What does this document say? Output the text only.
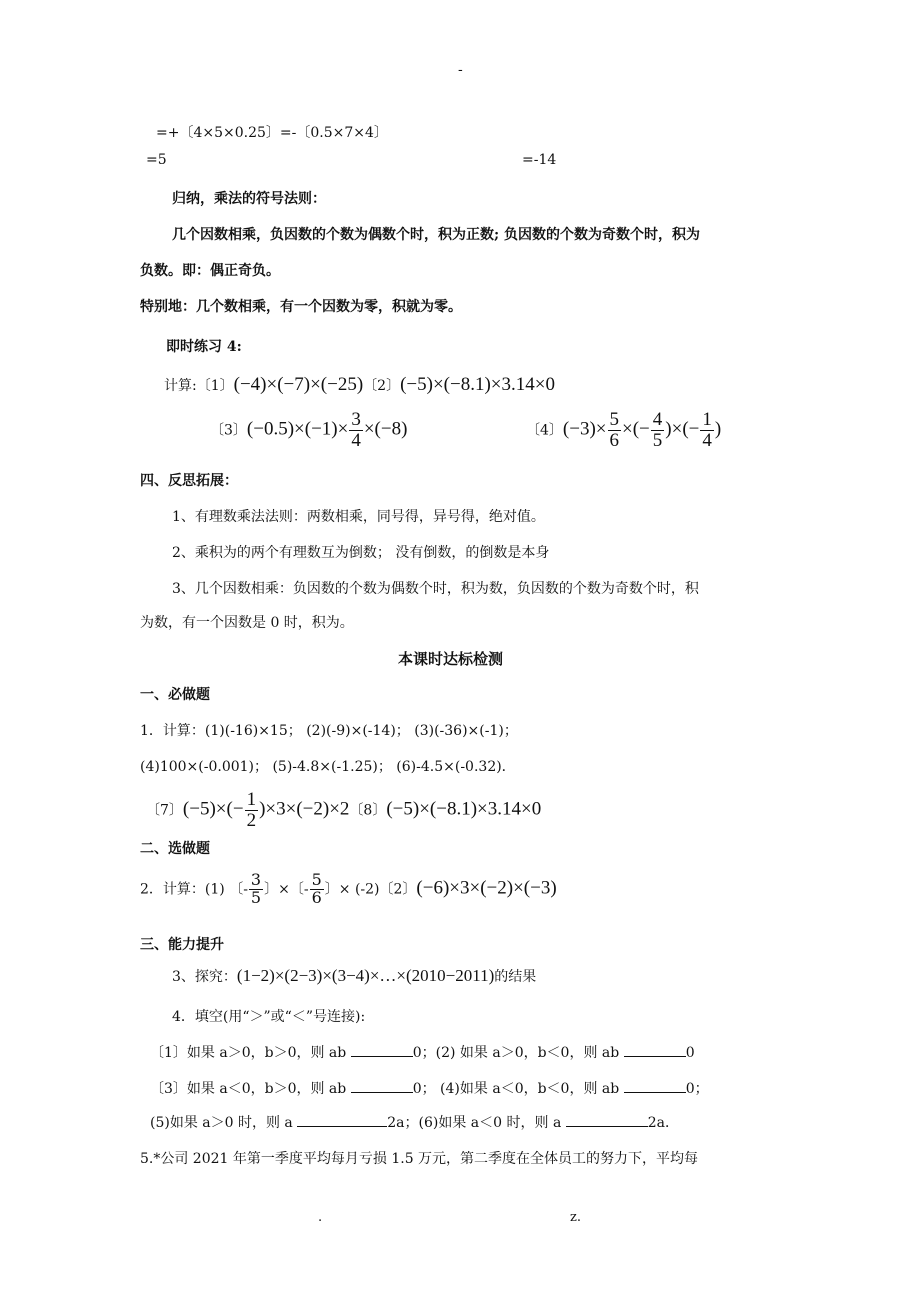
-
.	z.
=+〔4×5×0.25〕=-〔0.5×7×4〕
=5	=-14
归纳，乘法的符号法则：
几个因数相乘，负因数的个数为偶数个时，积为正数; 负因数的个数为奇数个时，积为
负数。即：偶正奇负。
特别地：几个数相乘，有一个因数为零，积就为零。
即时练习 4:
计算:〔1〕(−4)×(−7)×(−25)〔2〕(−5)×(−8.1)×3.14×0
〔3〕$(-0.5)\times(-1)\times \frac{3}{4} \times(-8)$	〔4〕$(-3)\times \frac{5}{6}$ ×(− $\frac{4}{5}$ )×(− $\frac{1}{4}$ )
四、反思拓展：
1、有理数乘法法则：两数相乘，同号得，异号得，绝对值。
2、乘积为的两个有理数互为倒数； 没有倒数，的倒数是本身
3、几个因数相乘：负因数的个数为偶数个时，积为数，负因数的个数为奇数个时，积
为数，有一个因数是 0 时，积为。
本课时达标检测
一、必做题
1．计算：(1)(-16)×15； (2)(-9)×(-14)； (3)(-36)×(-1)；
(4)100×(-0.001)； (5)-4.8×(-1.25)； (6)-4.5×(-0.32)．
〔7〕$(-5)\times(- \frac{1}{2} )\times 3\times(-2)\times 2$〔8〕(−5)×(−8.1)×3.14×0
二、选做题
2．计算：(1) 〔- $\frac{3}{5}$ 〕×〔- $\frac{5}{6}$ 〕× (-2)〔2〕(−6)×3×(−2)×(−3)
三、能力提升
3、探究：(1−2)×(2−3)×(3−4)×…×(2010−2011)的结果
4．填空(用“＞”或“＜”号连接):
〔1〕如果 a＞0，b＞0，则 ab	0；(2) 如果 a＞0，b＜0，则 ab	0
〔3〕如果 a＜0，b＞0，则 ab	0； (4)如果 a＜0，b＜0，则 ab	0；
(5)如果 a＞0 时，则 a	2a；(6)如果 a＜0 时，则 a	2a．
5.*公司 2021 年第一季度平均每月亏损 1.5 万元，第二季度在全体员工的努力下，平均每
